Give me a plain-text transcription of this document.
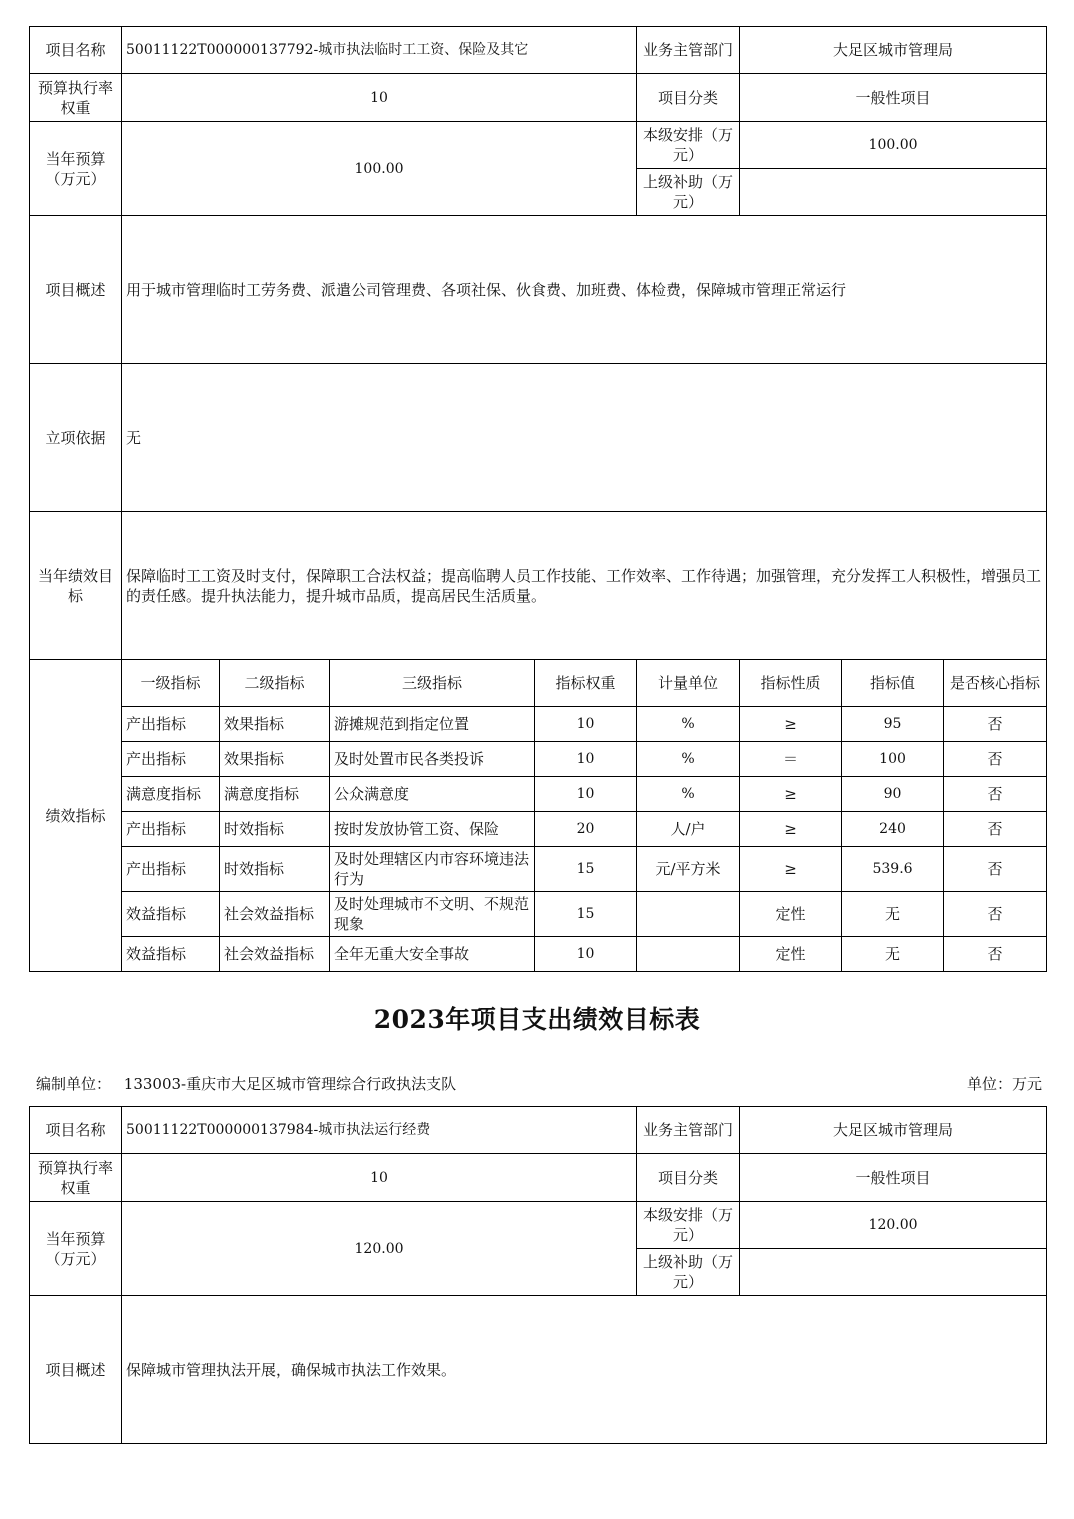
项目名称	50011122T000000137792-城市执法临时工工资、保险及其它				业务主管部门	大足区城市管理局		
预算执行率权重	10				项目分类	一般性项目		
当年预算（万元）	100.00				本级安排（万元）	100.00		
					上级补助（万元）			
项目概述	用于城市管理临时工劳务费、派遣公司管理费、各项社保、伙食费、加班费、体检费，保障城市管理正常运行							
立项依据	无							
当年绩效目标	保障临时工工资及时支付，保障职工合法权益；提高临聘人员工作技能、工作效率、工作待遇；加强管理，充分发挥工人积极性，增强员工的责任感。提升执法能力，提升城市品质，提高居民生活质量。							
绩效指标	一级指标	二级指标	三级指标	指标权重	计量单位	指标性质	指标值	是否核心指标
	产出指标	效果指标	游摊规范到指定位置	10	%	≥	95	否
	产出指标	效果指标	及时处置市民各类投诉	10	%	＝	100	否
	满意度指标	满意度指标	公众满意度	10	%	≥	90	否
	产出指标	时效指标	按时发放协管工资、保险	20	人/户	≥	240	否
	产出指标	时效指标	及时处理辖区内市容环境违法行为	15	元/平方米	≥	539.6	否
	效益指标	社会效益指标	及时处理城市不文明、不规范现象	15		定性	无	否
	效益指标	社会效益指标	全年无重大安全事故	10		定性	无	否
2023年项目支出绩效目标表
编制单位： 133003-重庆市大足区城市管理综合行政执法支队	单位：万元
项目名称	50011122T000000137984-城市执法运行经费	业务主管部门	大足区城市管理局
预算执行率权重	10	项目分类	一般性项目
当年预算（万元）	120.00	本级安排（万元）	120.00
		上级补助（万元）	
项目概述	保障城市管理执法开展，确保城市执法工作效果。		
